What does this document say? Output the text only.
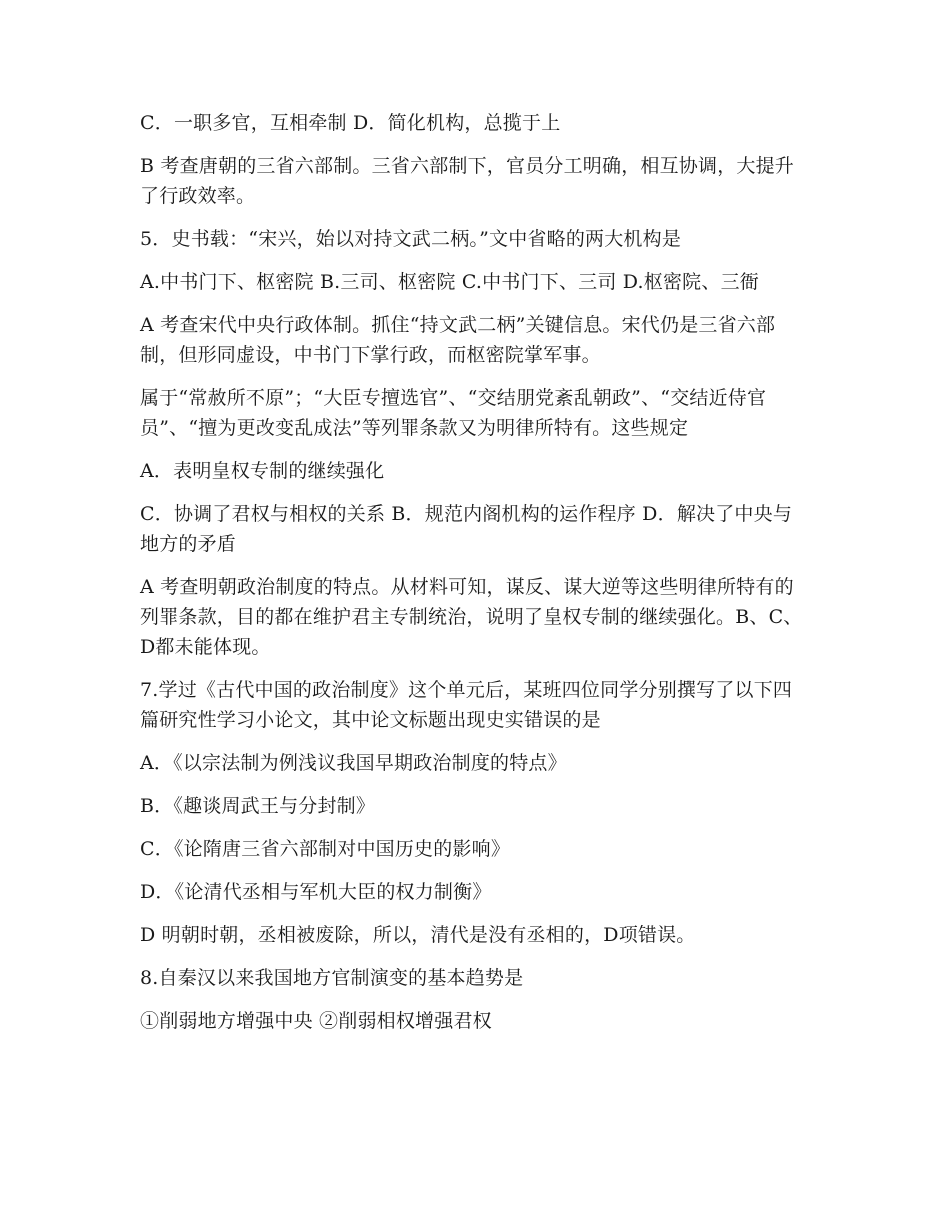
C．一职多官，互相牵制 D．简化机构，总揽于上

B 考查唐朝的三省六部制。三省六部制下，官员分工明确，相互协调，大提升了行政效率。

5．史书载：“宋兴，始以对持文武二柄。”文中省略的两大机构是

A.中书门下、枢密院 B.三司、枢密院 C.中书门下、三司 D.枢密院、三衙

A 考查宋代中央行政体制。抓住“持文武二柄”关键信息。宋代仍是三省六部制，但形同虚设，中书门下掌行政，而枢密院掌军事。

属于“常赦所不原”；“大臣专擅选官”、“交结朋党紊乱朝政”、“交结近侍官员”、“擅为更改变乱成法”等列罪条款又为明律所特有。这些规定

A．表明皇权专制的继续强化

C．协调了君权与相权的关系 B．规范内阁机构的运作程序 D．解决了中央与地方的矛盾

A 考查明朝政治制度的特点。从材料可知，谋反、谋大逆等这些明律所特有的列罪条款，目的都在维护君主专制统治，说明了皇权专制的继续强化。B、C、D都未能体现。

7.学过《古代中国的政治制度》这个单元后，某班四位同学分别撰写了以下四篇研究性学习小论文，其中论文标题出现史实错误的是

A．《以宗法制为例浅议我国早期政治制度的特点》

B．《趣谈周武王与分封制》

C．《论隋唐三省六部制对中国历史的影响》

D．《论清代丞相与军机大臣的权力制衡》

D 明朝时朝，丞相被废除，所以，清代是没有丞相的，D项错误。

8.自秦汉以来我国地方官制演变的基本趋势是

①削弱地方增强中央 ②削弱相权增强君权
